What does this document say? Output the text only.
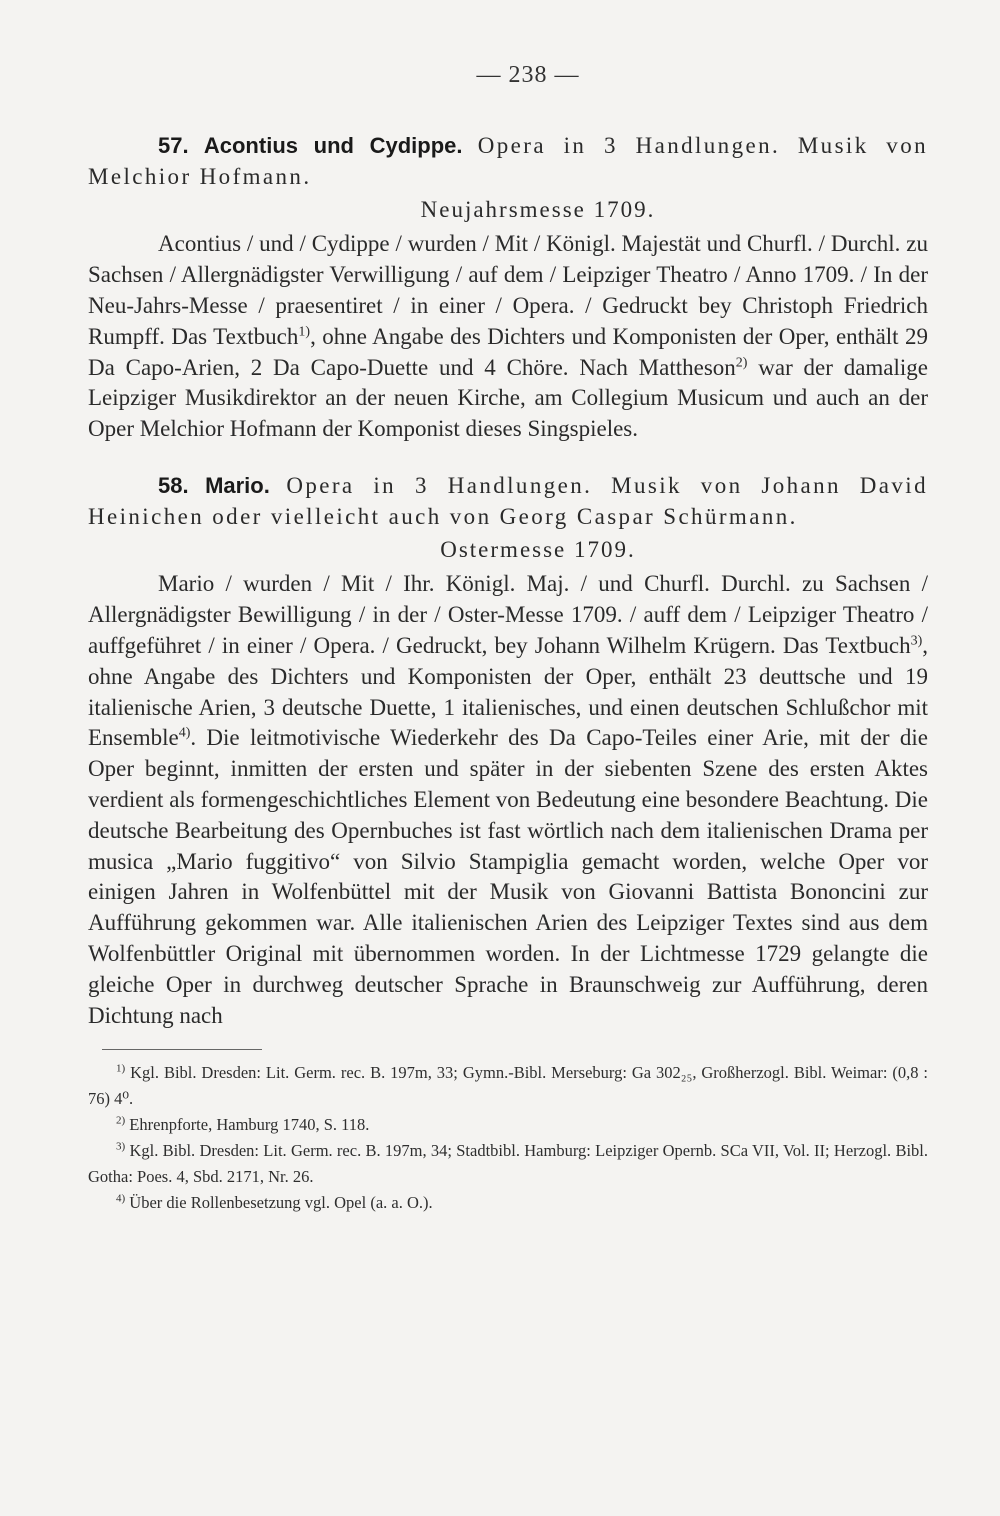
— 238 —

57. Acontius und Cydippe. Opera in 3 Handlungen. Musik von Melchior Hofmann.

Neujahrsmesse 1709.

Acontius / und / Cydippe / wurden / Mit / Königl. Majestät und Churfl. / Durchl. zu Sachsen / Allergnädigster Verwilligung / auf dem / Leipziger Theatro / Anno 1709. / In der Neu-Jahrs-Messe / praesentiret / in einer / Opera. / Gedruckt bey Christoph Friedrich Rumpff. Das Textbuch$^{1)}$, ohne Angabe des Dichters und Komponisten der Oper, enthält 29 Da Capo-Arien, 2 Da Capo-Duette und 4 Chöre. Nach Mattheson$^{2)}$ war der damalige Leipziger Musikdirektor an der neuen Kirche, am Collegium Musicum und auch an der Oper Melchior Hofmann der Komponist dieses Singspieles.

58. Mario. Opera in 3 Handlungen. Musik von Johann David Heinichen oder vielleicht auch von Georg Caspar Schürmann.

Ostermesse 1709.

Mario / wurden / Mit / Ihr. Königl. Maj. / und Churfl. Durchl. zu Sachsen / Allergnädigster Bewilligung / in der / Oster-Messe 1709. / auff dem / Leipziger Theatro / auffgeführet / in einer / Opera. / Gedruckt, bey Johann Wilhelm Krügern. Das Textbuch$^{3)}$, ohne Angabe des Dichters und Komponisten der Oper, enthält 23 deuttsche und 19 italienische Arien, 3 deutsche Duette, 1 italienisches, und einen deutschen Schlußchor mit Ensemble$^{4)}$. Die leitmotivische Wiederkehr des Da Capo-Teiles einer Arie, mit der die Oper beginnt, inmitten der ersten und später in der siebenten Szene des ersten Aktes verdient als formengeschichtliches Element von Bedeutung eine besondere Beachtung. Die deutsche Bearbeitung des Opernbuches ist fast wörtlich nach dem italienischen Drama per musica „Mario fuggitivo“ von Silvio Stampiglia gemacht worden, welche Oper vor einigen Jahren in Wolfenbüttel mit der Musik von Giovanni Battista Bononcini zur Aufführung gekommen war. Alle italienischen Arien des Leipziger Textes sind aus dem Wolfenbüttler Original mit übernommen worden. In der Lichtmesse 1729 gelangte die gleiche Oper in durchweg deutscher Sprache in Braunschweig zur Aufführung, deren Dichtung nach

$^{1)}$ Kgl. Bibl. Dresden: Lit. Germ. rec. B. 197m, 33; Gymn.-Bibl. Merseburg: Ga 302₂₅, Großherzogl. Bibl. Weimar: (0,8 : 76) 4⁰.

$^{2)}$ Ehrenpforte, Hamburg 1740, S. 118.

$^{3)}$ Kgl. Bibl. Dresden: Lit. Germ. rec. B. 197m, 34; Stadtbibl. Hamburg: Leipziger Opernb. SCa VII, Vol. II; Herzogl. Bibl. Gotha: Poes. 4, Sbd. 2171, Nr. 26.

$^{4)}$ Über die Rollenbesetzung vgl. Opel (a. a. O.).
